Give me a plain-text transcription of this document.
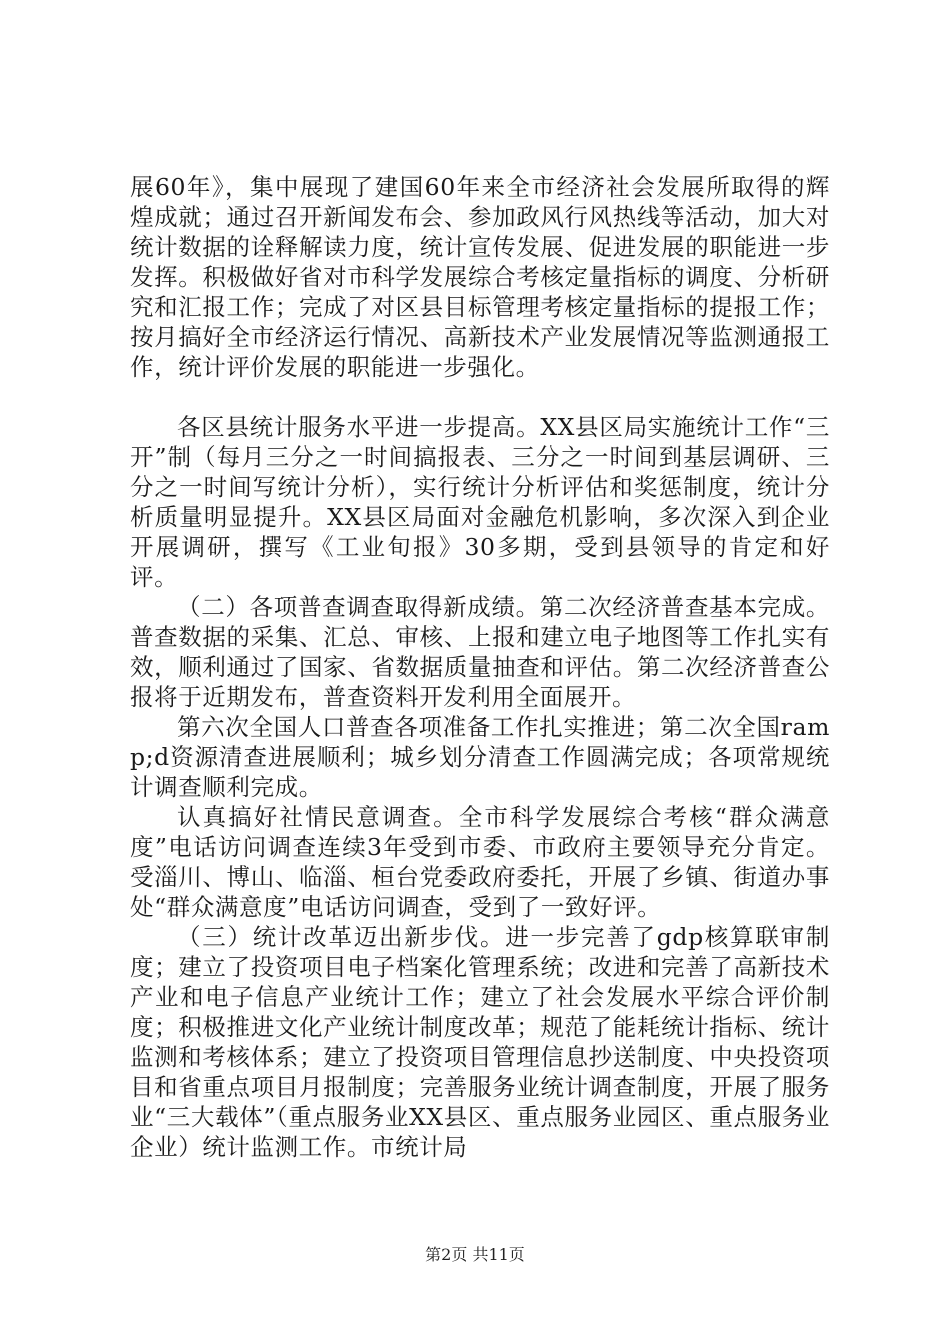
展60年》，集中展现了建国60年来全市经济社会发展所取得的辉煌成就；通过召开新闻发布会、参加政风行风热线等活动，加大对统计数据的诠释解读力度，统计宣传发展、促进发展的职能进一步发挥。积极做好省对市科学发展综合考核定量指标的调度、分析研究和汇报工作；完成了对区县目标管理考核定量指标的提报工作；按月搞好全市经济运行情况、高新技术产业发展情况等监测通报工作，统计评价发展的职能进一步强化。

各区县统计服务水平进一步提高。XX县区局实施统计工作“三开”制（每月三分之一时间搞报表、三分之一时间到基层调研、三分之一时间写统计分析），实行统计分析评估和奖惩制度，统计分析质量明显提升。XX县区局面对金融危机影响，多次深入到企业开展调研，撰写《工业旬报》30多期，受到县领导的肯定和好评。

（二）各项普查调查取得新成绩。第二次经济普查基本完成。普查数据的采集、汇总、审核、上报和建立电子地图等工作扎实有效，顺利通过了国家、省数据质量抽查和评估。第二次经济普查公报将于近期发布，普查资料开发利用全面展开。

第六次全国人口普查各项准备工作扎实推进；第二次全国ramp;d资源清查进展顺利；城乡划分清查工作圆满完成；各项常规统计调查顺利完成。

认真搞好社情民意调查。全市科学发展综合考核“群众满意度”电话访问调查连续3年受到市委、市政府主要领导充分肯定。受淄川、博山、临淄、桓台党委政府委托，开展了乡镇、街道办事处“群众满意度”电话访问调查，受到了一致好评。

（三）统计改革迈出新步伐。进一步完善了gdp核算联审制度；建立了投资项目电子档案化管理系统；改进和完善了高新技术产业和电子信息产业统计工作；建立了社会发展水平综合评价制度；积极推进文化产业统计制度改革；规范了能耗统计指标、统计监测和考核体系；建立了投资项目管理信息抄送制度、中央投资项目和省重点项目月报制度；完善服务业统计调查制度，开展了服务业“三大载体”（重点服务业XX县区、重点服务业园区、重点服务业企业）统计监测工作。市统计局

第2页 共11页
